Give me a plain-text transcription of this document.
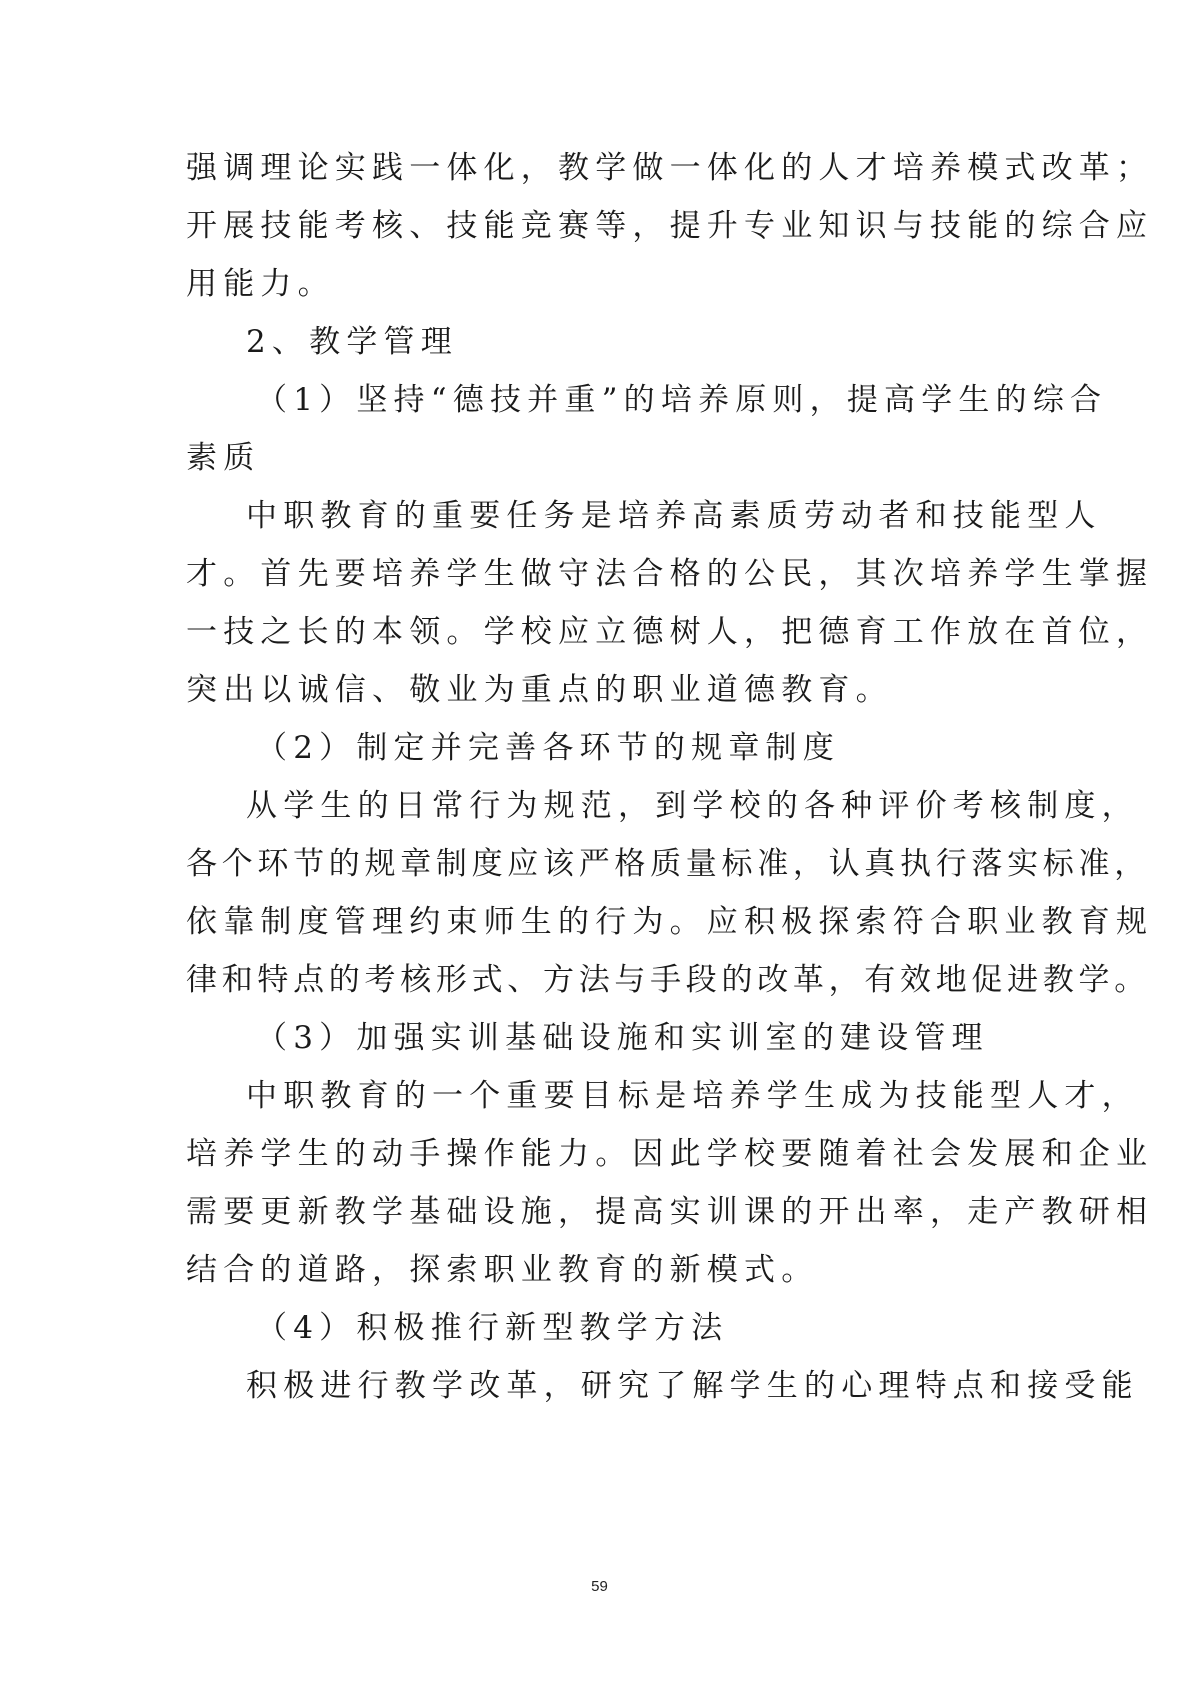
强调理论实践一体化，教学做一体化的人才培养模式改革；
开展技能考核、技能竞赛等，提升专业知识与技能的综合应
用能力。
2、教学管理
（1）坚持“德技并重”的培养原则，提高学生的综合
素质
中职教育的重要任务是培养高素质劳动者和技能型人
才。首先要培养学生做守法合格的公民，其次培养学生掌握
一技之长的本领。学校应立德树人，把德育工作放在首位，
突出以诚信、敬业为重点的职业道德教育。
（2）制定并完善各环节的规章制度
从学生的日常行为规范，到学校的各种评价考核制度，
各个环节的规章制度应该严格质量标准，认真执行落实标准，
依靠制度管理约束师生的行为。应积极探索符合职业教育规
律和特点的考核形式、方法与手段的改革，有效地促进教学。
（3）加强实训基础设施和实训室的建设管理
中职教育的一个重要目标是培养学生成为技能型人才，
培养学生的动手操作能力。因此学校要随着社会发展和企业
需要更新教学基础设施，提高实训课的开出率，走产教研相
结合的道路，探索职业教育的新模式。
（4）积极推行新型教学方法
积极进行教学改革，研究了解学生的心理特点和接受能
59
